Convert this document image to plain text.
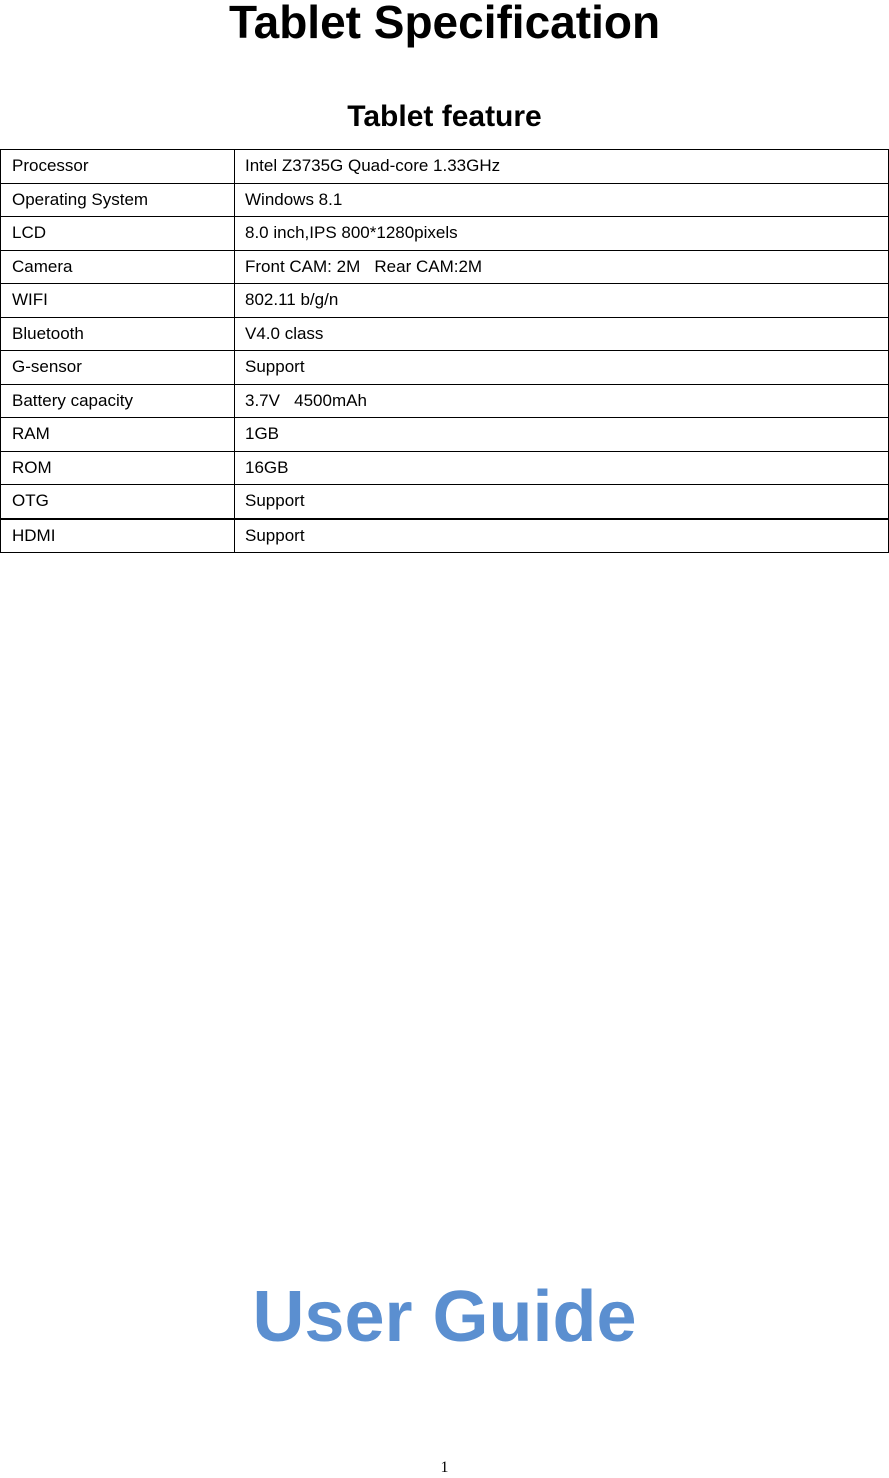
Tablet Specification
Tablet feature
Processor	Intel Z3735G Quad-core 1.33GHz
Operating System	Windows 8.1
LCD	8.0 inch,IPS 800*1280pixels
Camera	Front CAM: 2M   Rear CAM:2M
WIFI	802.11 b/g/n
Bluetooth	V4.0 class
G-sensor	Support
Battery capacity	3.7V   4500mAh
RAM	1GB
ROM	16GB
OTG	Support
HDMI	Support
User Guide
1
